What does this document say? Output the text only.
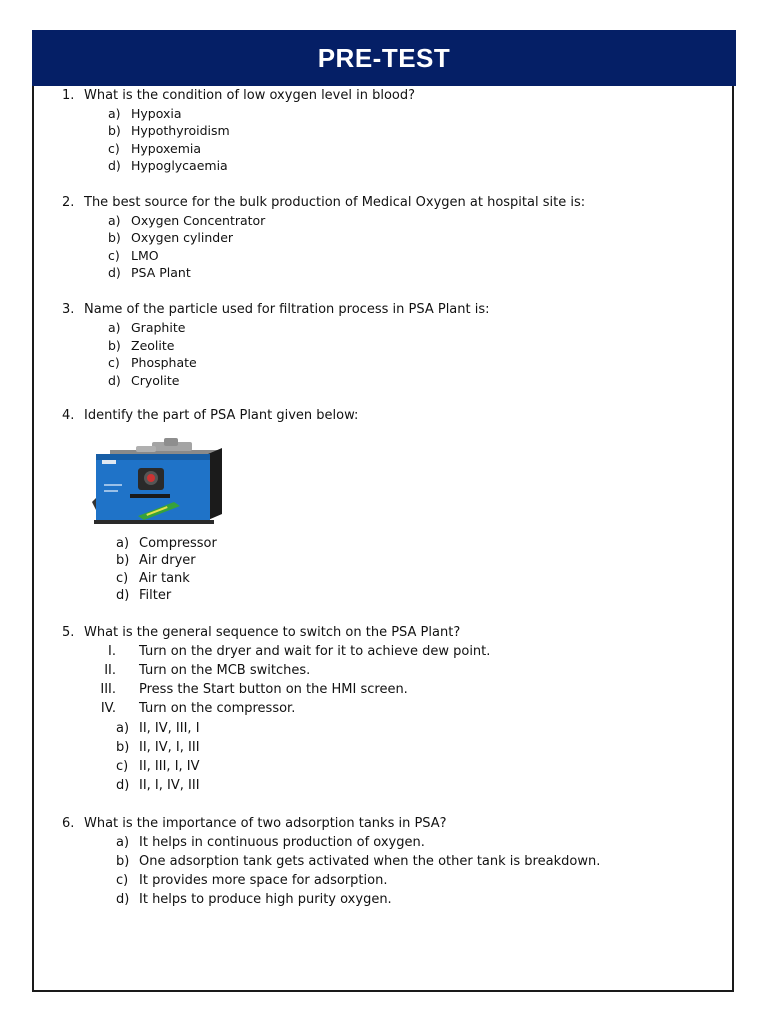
PRE-TEST
1. What is the condition of low oxygen level in blood?
a) Hypoxia
b) Hypothyroidism
c) Hypoxemia
d) Hypoglycaemia
2. The best source for the bulk production of Medical Oxygen at hospital site is:
a) Oxygen Concentrator
b) Oxygen cylinder
c) LMO
d) PSA Plant
3. Name of the particle used for filtration process in PSA Plant is:
a) Graphite
b) Zeolite
c) Phosphate
d) Cryolite
4. Identify the part of PSA Plant given below:
a) Compressor
b) Air dryer
c) Air tank
d) Filter
5. What is the general sequence to switch on the PSA Plant?
I. Turn on the dryer and wait for it to achieve dew point.
II. Turn on the MCB switches.
III. Press the Start button on the HMI screen.
IV. Turn on the compressor.
a) II, IV, III, I
b) II, IV, I, III
c) II, III, I, IV
d) II, I, IV, III
6. What is the importance of two adsorption tanks in PSA?
a) It helps in continuous production of oxygen.
b) One adsorption tank gets activated when the other tank is breakdown.
c) It provides more space for adsorption.
d) It helps to produce high purity oxygen.
